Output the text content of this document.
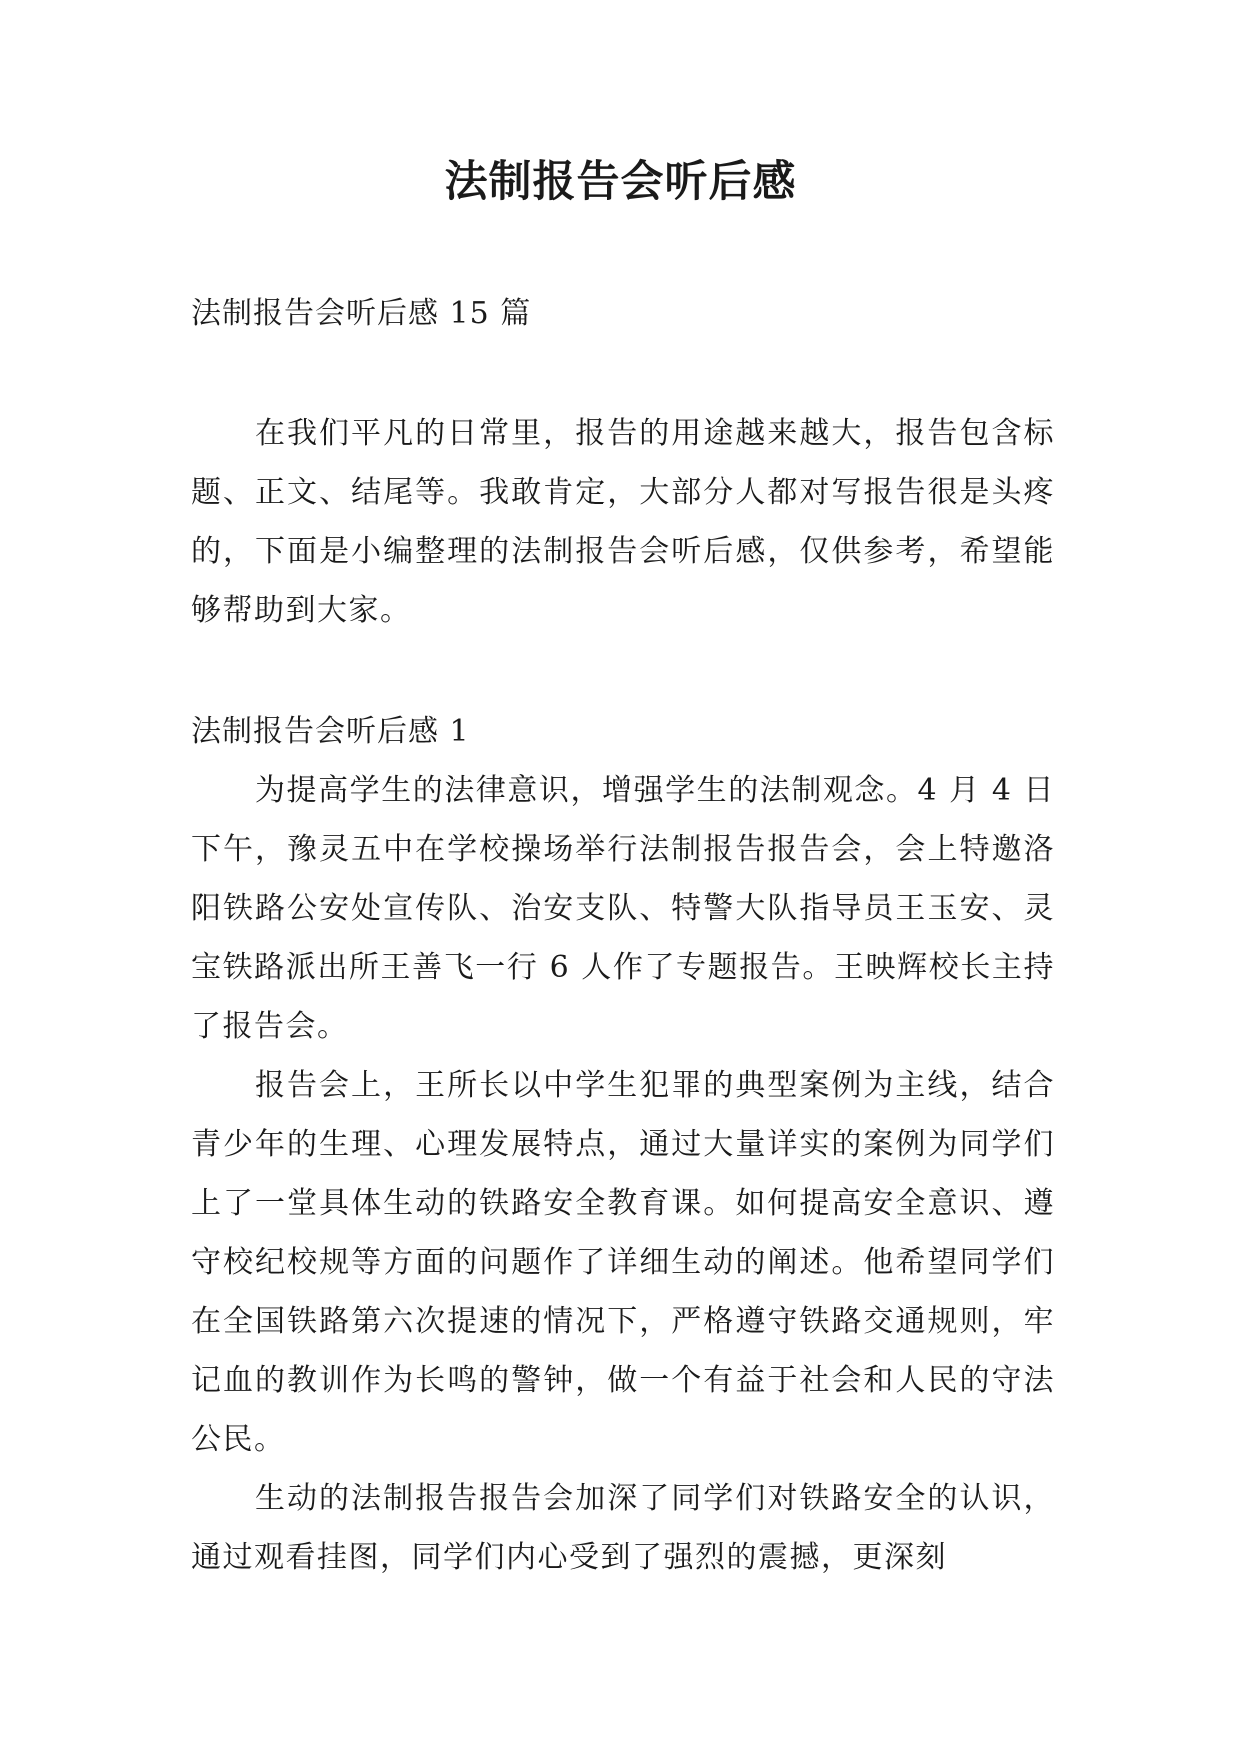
法制报告会听后感

法制报告会听后感 15 篇

在我们平凡的日常里，报告的用途越来越大，报告包含标题、正文、结尾等。我敢肯定，大部分人都对写报告很是头疼的，下面是小编整理的法制报告会听后感，仅供参考，希望能够帮助到大家。

法制报告会听后感 1

为提高学生的法律意识，增强学生的法制观念。4 月 4 日下午，豫灵五中在学校操场举行法制报告报告会，会上特邀洛阳铁路公安处宣传队、治安支队、特警大队指导员王玉安、灵宝铁路派出所王善飞一行 6 人作了专题报告。王映辉校长主持了报告会。

报告会上，王所长以中学生犯罪的典型案例为主线，结合青少年的生理、心理发展特点，通过大量详实的案例为同学们上了一堂具体生动的铁路安全教育课。如何提高安全意识、遵守校纪校规等方面的问题作了详细生动的阐述。他希望同学们在全国铁路第六次提速的情况下，严格遵守铁路交通规则，牢记血的教训作为长鸣的警钟，做一个有益于社会和人民的守法公民。

生动的法制报告报告会加深了同学们对铁路安全的认识，通过观看挂图，同学们内心受到了强烈的震撼，更深刻
